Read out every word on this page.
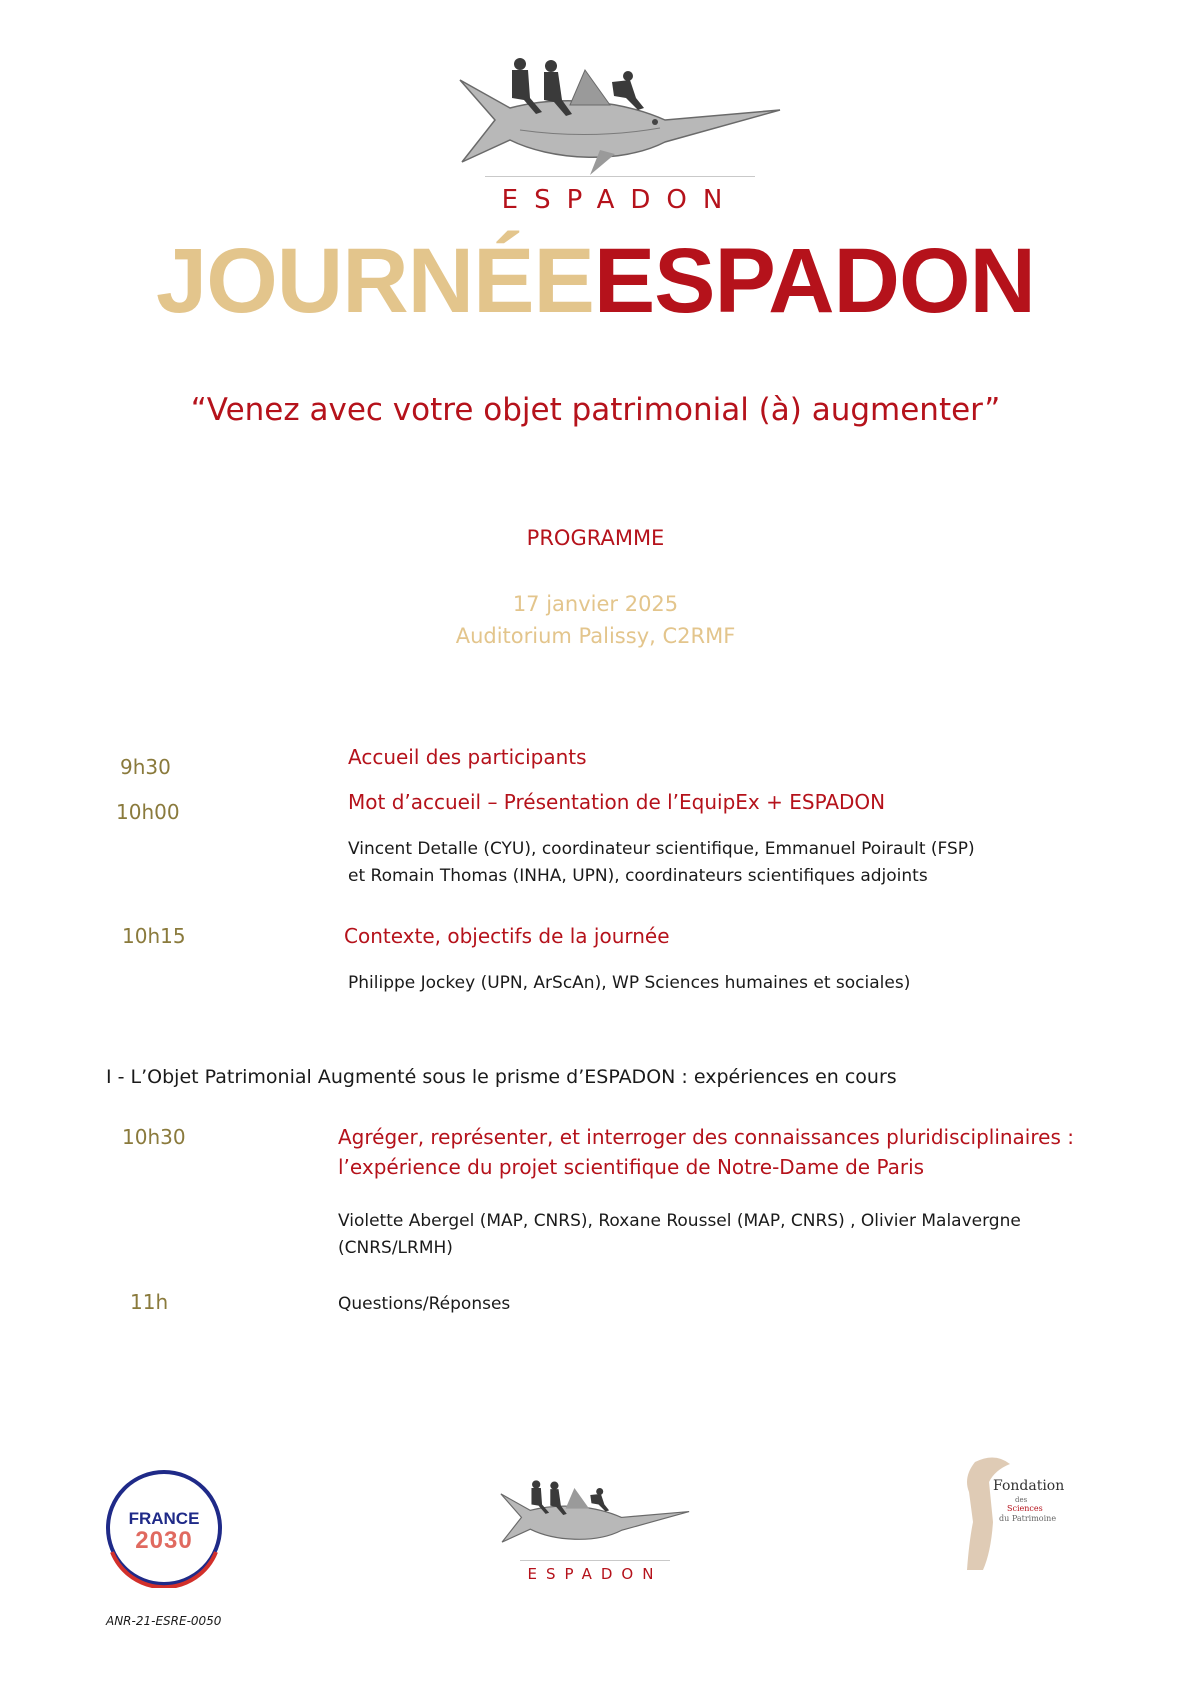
ESPADON
JOURNÉEESPADON
“Venez avec votre objet patrimonial (à) augmenter”
PROGRAMME
17 janvier 2025
Auditorium Palissy, C2RMF
9h30	Accueil des participants
10h00	Mot d’accueil – Présentation de l’EquipEx + ESPADON
Vincent Detalle (CYU), coordinateur scientifique, Emmanuel Poirault (FSP)
et Romain Thomas (INHA, UPN), coordinateurs scientifiques adjoints
10h15	Contexte, objectifs de la journée
Philippe Jockey (UPN, ArScAn), WP Sciences humaines et sociales)
I - L’Objet Patrimonial Augmenté sous le prisme d’ESPADON : expériences en cours
10h30	Agréger, représenter, et interroger des connaissances pluridisciplinaires :
l’expérience du projet scientifique de Notre-Dame de Paris
Violette Abergel (MAP, CNRS), Roxane Roussel (MAP, CNRS) , Olivier Malavergne
(CNRS/LRMH)
11h	Questions/Réponses
FRANCE
2030
ESPADON
Fondation
des
Sciences
du Patrimoine
ANR-21-ESRE-0050
